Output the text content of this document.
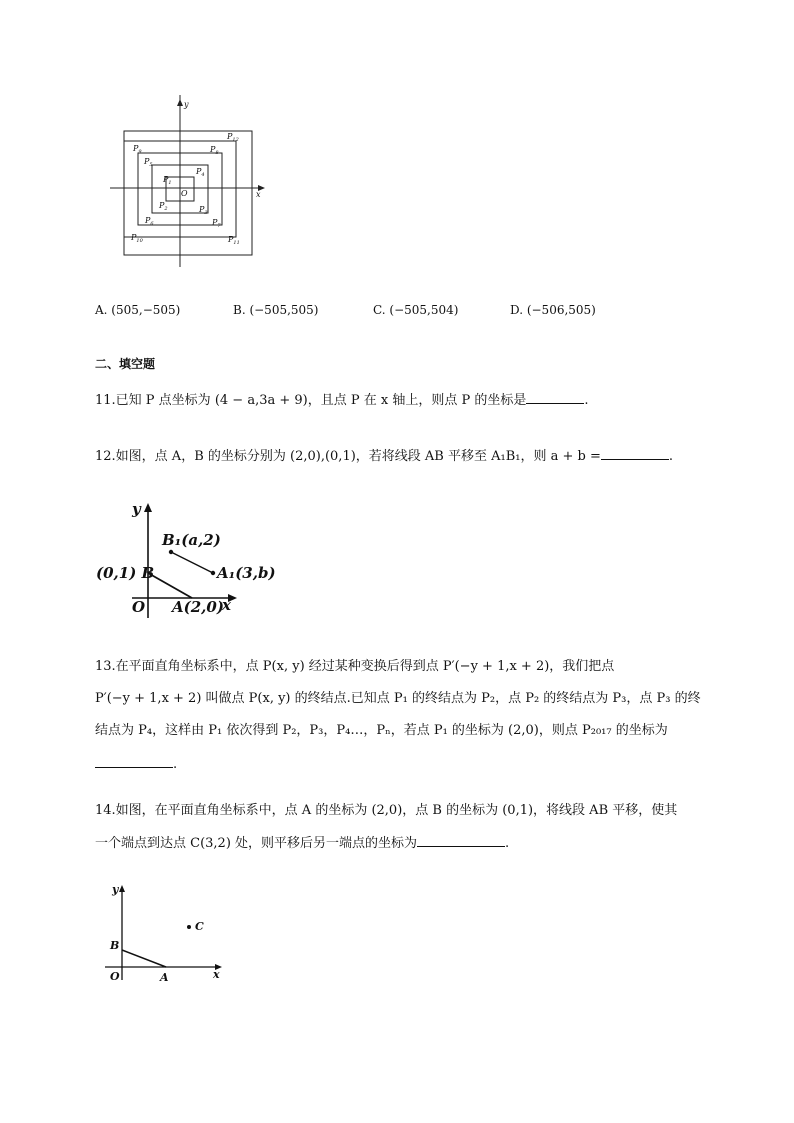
y
x
O
$P_1$
$P_2$	$P_3$
$P_4$
$P_5$
$P_6$	$P_7$
$P_8$
$P_9$
$P_{10}$	$P_{11}$
$P_{12}$
A. (505,−505)	B. (−505,505)	C. (−505,504)	D. (−506,505)
二、填空题
11.已知 P 点坐标为 (4 − a,3a + 9)，且点 P 在 x 轴上，则点 P 的坐标是	.
12.如图，点 A，B 的坐标分别为 (2,0),(0,1)，若将线段 AB 平移至 A₁B₁，则 a + b =	.
y
x
O
B₁(a,2)
A₁(3,b)
(0,1) B
A(2,0)
13.在平面直角坐标系中，点 P(x, y) 经过某种变换后得到点 P′(−y + 1,x + 2)，我们把点
P′(−y + 1,x + 2) 叫做点 P(x, y) 的终结点.已知点 P₁ 的终结点为 P₂，点 P₂ 的终结点为 P₃，点 P₃ 的终
结点为 P₄，这样由 P₁ 依次得到 P₂，P₃，P₄…，Pₙ，若点 P₁ 的坐标为 (2,0)，则点 P₂₀₁₇ 的坐标为
.
14.如图，在平面直角坐标系中，点 A 的坐标为 (2,0)，点 B 的坐标为 (0,1)，将线段 AB 平移，使其
一个端点到达点 C(3,2) 处，则平移后另一端点的坐标为	.
y
x
O	A
B
C
